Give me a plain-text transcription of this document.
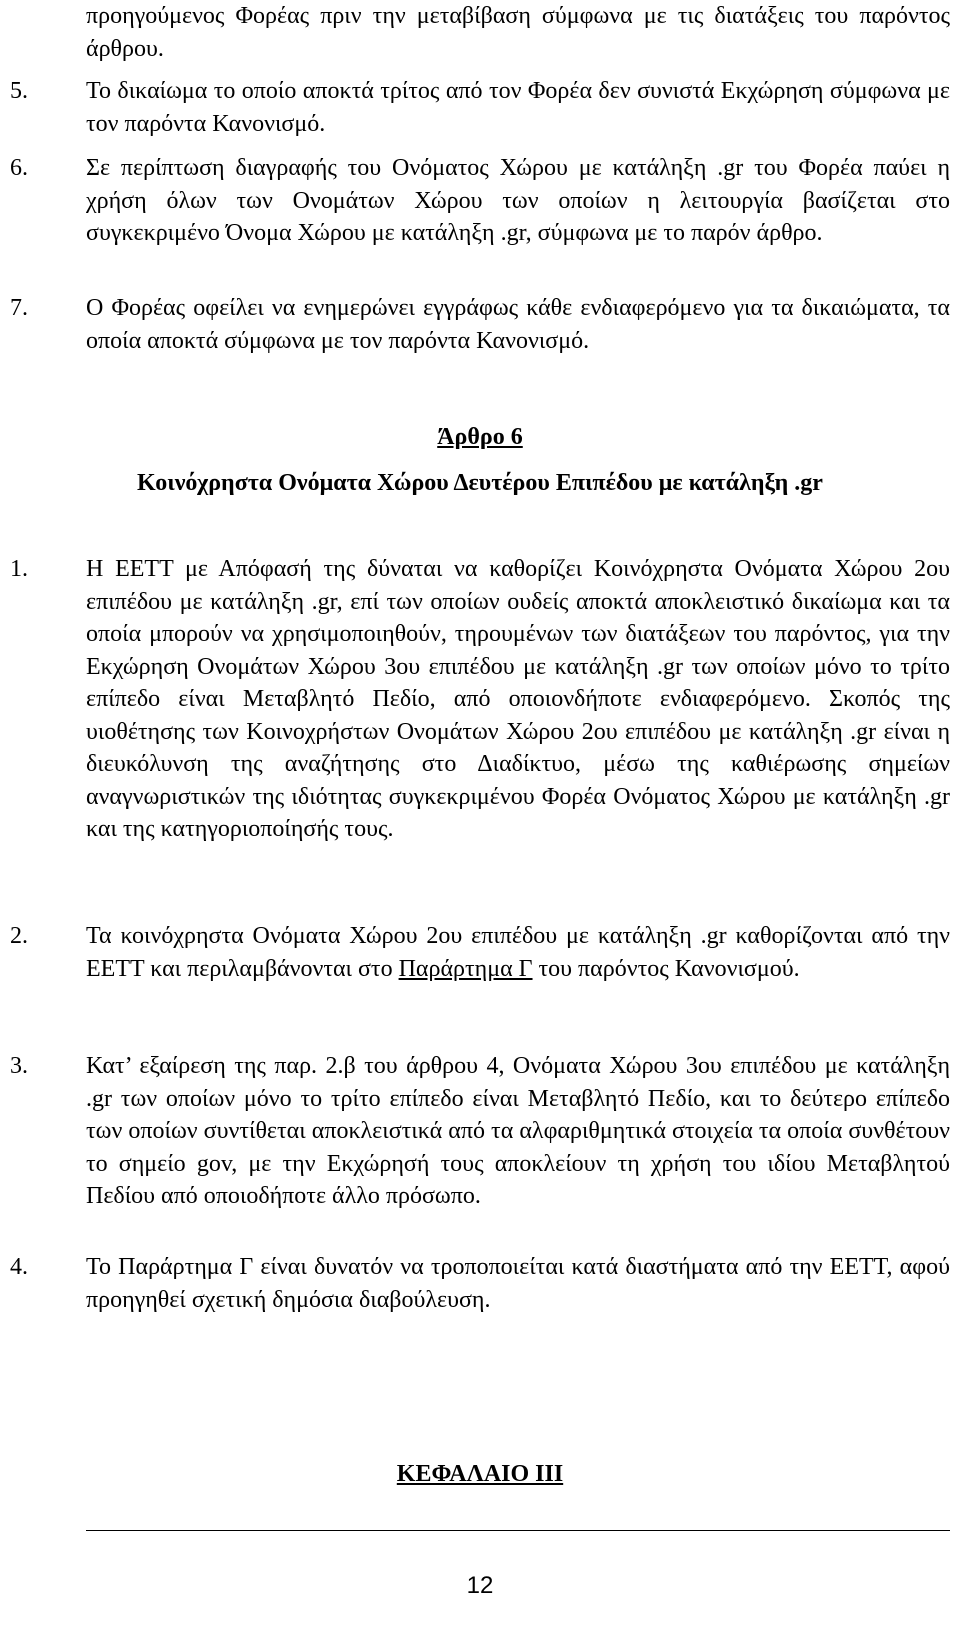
προηγούμενος Φορέας πριν την μεταβίβαση σύμφωνα με τις διατάξεις του παρόντος άρθρου.
5.	Το δικαίωμα το οποίο αποκτά τρίτος από τον Φορέα δεν συνιστά Εκχώρηση σύμφωνα με τον παρόντα Κανονισμό.
6.	Σε περίπτωση διαγραφής του Ονόματος Χώρου με κατάληξη .gr του Φορέα παύει η χρήση όλων των Ονομάτων Χώρου των οποίων η λειτουργία βασίζεται στο συγκεκριμένο Όνομα Χώρου με κατάληξη .gr, σύμφωνα με το παρόν άρθρο.
7.	Ο Φορέας οφείλει να ενημερώνει εγγράφως κάθε ενδιαφερόμενο για τα δικαιώματα, τα οποία αποκτά σύμφωνα με τον παρόντα Κανονισμό.
Άρθρο 6
Κοινόχρηστα Ονόματα Χώρου Δευτέρου Επιπέδου με κατάληξη .gr
1.	Η ΕΕΤΤ με Απόφασή της δύναται να καθορίζει Κοινόχρηστα Ονόματα Χώρου 2ου επιπέδου με κατάληξη .gr, επί των οποίων ουδείς αποκτά αποκλειστικό δικαίωμα και τα οποία μπορούν να χρησιμοποιηθούν, τηρουμένων των διατάξεων του παρόντος, για την Εκχώρηση Ονομάτων Χώρου 3ου επιπέδου με κατάληξη .gr των οποίων μόνο το τρίτο επίπεδο είναι Μεταβλητό Πεδίο, από οποιονδήποτε ενδιαφερόμενο. Σκοπός της υιοθέτησης των Κοινοχρήστων Ονομάτων Χώρου 2ου επιπέδου με κατάληξη .gr είναι η διευκόλυνση της αναζήτησης στο Διαδίκτυο, μέσω της καθιέρωσης σημείων αναγνωριστικών της ιδιότητας συγκεκριμένου Φορέα Ονόματος Χώρου με κατάληξη .gr και της κατηγοριοποίησής τους.
2.	Τα κοινόχρηστα Ονόματα Χώρου 2ου επιπέδου με κατάληξη .gr καθορίζονται από την ΕΕΤΤ και περιλαμβάνονται στο Παράρτημα Γ του παρόντος Κανονισμού.
3.	Κατ’ εξαίρεση της παρ. 2.β του άρθρου 4, Ονόματα Χώρου 3ου επιπέδου με κατάληξη .gr των οποίων μόνο το τρίτο επίπεδο είναι Μεταβλητό Πεδίο, και το δεύτερο επίπεδο των οποίων συντίθεται αποκλειστικά από τα αλφαριθμητικά στοιχεία τα οποία συνθέτουν το σημείο gov, με την Εκχώρησή τους αποκλείουν τη χρήση του ιδίου Μεταβλητού Πεδίου από οποιοδήποτε άλλο πρόσωπο.
4.	Το Παράρτημα Γ είναι δυνατόν να τροποποιείται κατά διαστήματα από την ΕΕΤΤ, αφού προηγηθεί σχετική δημόσια διαβούλευση.
ΚΕΦΑΛΑΙΟ ΙΙΙ
12
